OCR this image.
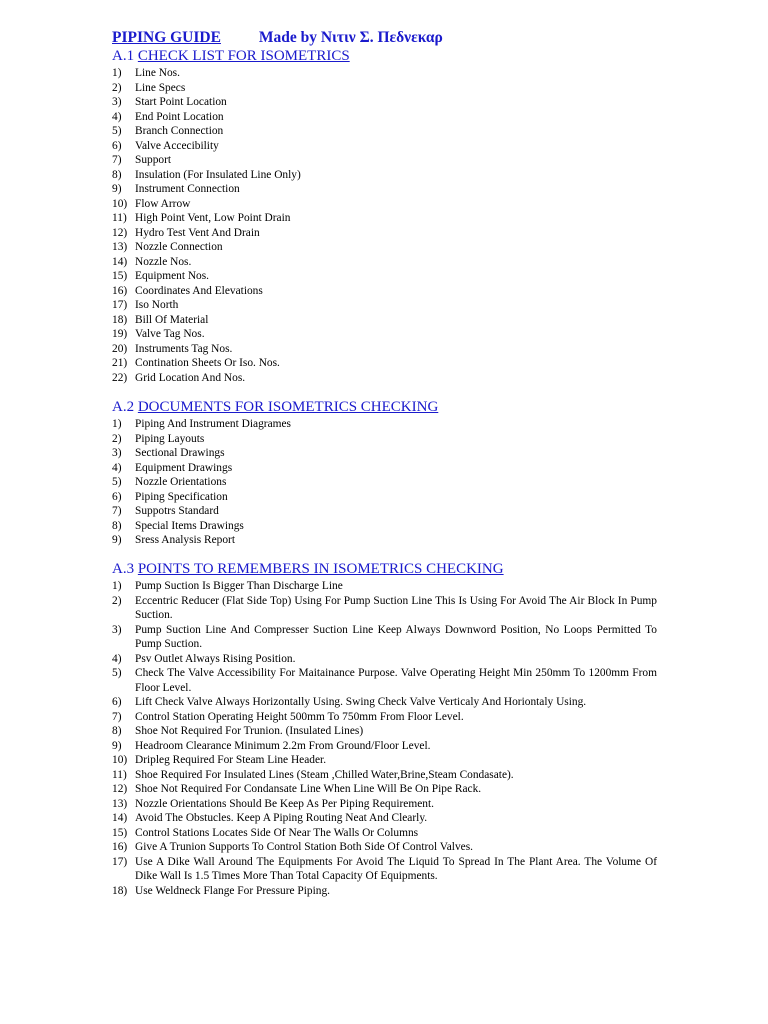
PIPING GUIDE Made by Νιτιν Σ. Πεδνεκαρ
A.1 CHECK LIST FOR ISOMETRICS
1) Line Nos.
2) Line Specs
3) Start Point Location
4) End Point Location
5) Branch Connection
6) Valve Accecibility
7) Support
8) Insulation (For Insulated Line Only)
9) Instrument Connection
10) Flow Arrow
11) High Point Vent, Low Point Drain
12) Hydro Test Vent And Drain
13) Nozzle Connection
14) Nozzle Nos.
15) Equipment Nos.
16) Coordinates And Elevations
17) Iso North
18) Bill Of Material
19) Valve Tag Nos.
20) Instruments Tag Nos.
21) Contination Sheets Or Iso. Nos.
22) Grid Location And Nos.
A.2 DOCUMENTS FOR ISOMETRICS CHECKING
1) Piping And Instrument Diagrames
2) Piping Layouts
3) Sectional Drawings
4) Equipment Drawings
5) Nozzle Orientations
6) Piping Specification
7) Suppotrs Standard
8) Special Items Drawings
9) Sress Analysis Report
A.3 POINTS TO REMEMBERS IN ISOMETRICS CHECKING
1) Pump Suction Is Bigger Than Discharge Line
2) Eccentric Reducer (Flat Side Top) Using For Pump Suction Line This Is Using For Avoid The Air Block In Pump Suction.
3) Pump Suction Line And Compresser Suction Line Keep Always Downword Position, No Loops Permitted To Pump Suction.
4) Psv Outlet Always Rising Position.
5) Check The Valve Accessibility For Maitainance Purpose. Valve Operating Height Min 250mm To 1200mm From Floor Level.
6) Lift Check Valve Always Horizontally Using. Swing Check Valve Verticaly And Horiontaly Using.
7) Control Station Operating Height 500mm To 750mm From Floor Level.
8) Shoe Not Required For Trunion. (Insulated Lines)
9) Headroom Clearance Minimum 2.2m From Ground/Floor Level.
10) Dripleg Required For Steam Line Header.
11) Shoe Required For Insulated Lines (Steam ,Chilled Water,Brine,Steam Condasate).
12) Shoe Not Required For Condansate Line When Line Will Be On Pipe Rack.
13) Nozzle Orientations Should Be Keep As Per Piping Requirement.
14) Avoid The Obstucles. Keep A Piping Routing Neat And Clearly.
15) Control Stations Locates Side Of Near The Walls Or Columns
16) Give A Trunion Supports To Control Station Both Side Of Control Valves.
17) Use A Dike Wall Around The Equipments For Avoid The Liquid To Spread In The Plant Area. The Volume Of Dike Wall Is 1.5 Times More Than Total Capacity Of Equipments.
18) Use Weldneck Flange For Pressure Piping.
